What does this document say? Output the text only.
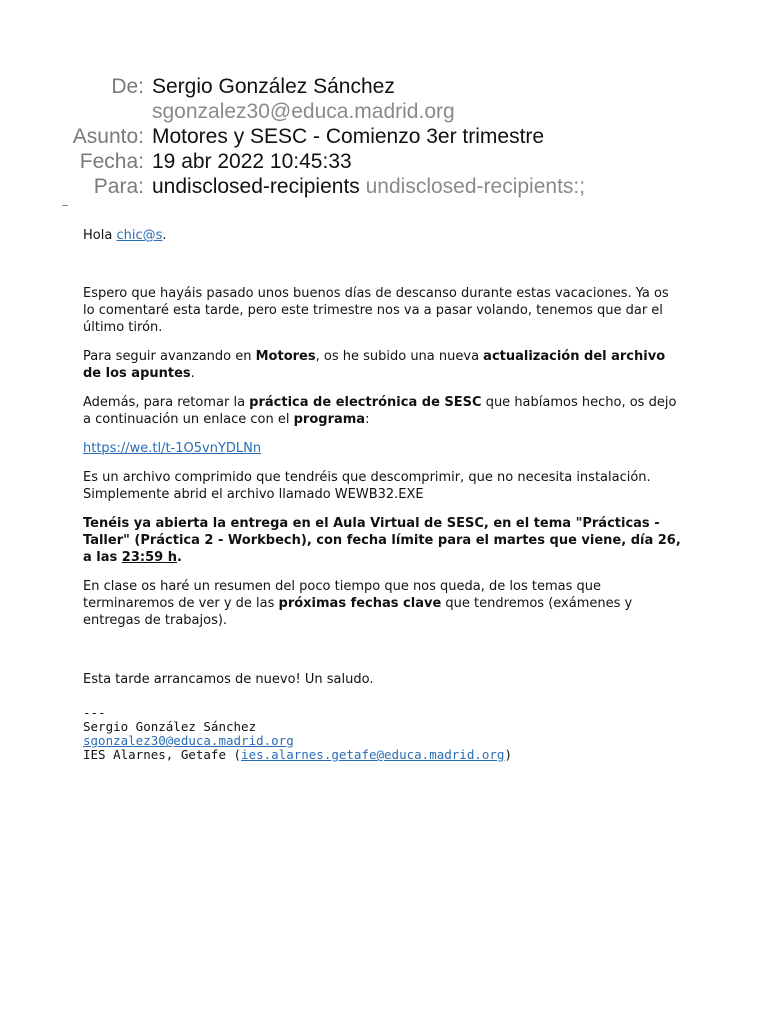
De: Sergio González Sánchez
sgonzalez30@educa.madrid.org
Asunto: Motores y SESC - Comienzo 3er trimestre
Fecha: 19 abr 2022 10:45:33
Para: undisclosed-recipients undisclosed-recipients:;

Hola chic@s.

Espero que hayáis pasado unos buenos días de descanso durante estas vacaciones. Ya os lo comentaré esta tarde, pero este trimestre nos va a pasar volando, tenemos que dar el último tirón.

Para seguir avanzando en Motores, os he subido una nueva actualización del archivo de los apuntes.

Además, para retomar la práctica de electrónica de SESC que habíamos hecho, os dejo a continuación un enlace con el programa:

https://we.tl/t-1O5vnYDLNn

Es un archivo comprimido que tendréis que descomprimir, que no necesita instalación. Simplemente abrid el archivo llamado WEWB32.EXE

Tenéis ya abierta la entrega en el Aula Virtual de SESC, en el tema "Prácticas - Taller" (Práctica 2 - Workbech), con fecha límite para el martes que viene, día 26, a las 23:59 h.

En clase os haré un resumen del poco tiempo que nos queda, de los temas que terminaremos de ver y de las próximas fechas clave que tendremos (exámenes y entregas de trabajos).

Esta tarde arrancamos de nuevo! Un saludo.

---
Sergio González Sánchez
sgonzalez30@educa.madrid.org
IES Alarnes, Getafe (ies.alarnes.getafe@educa.madrid.org)
